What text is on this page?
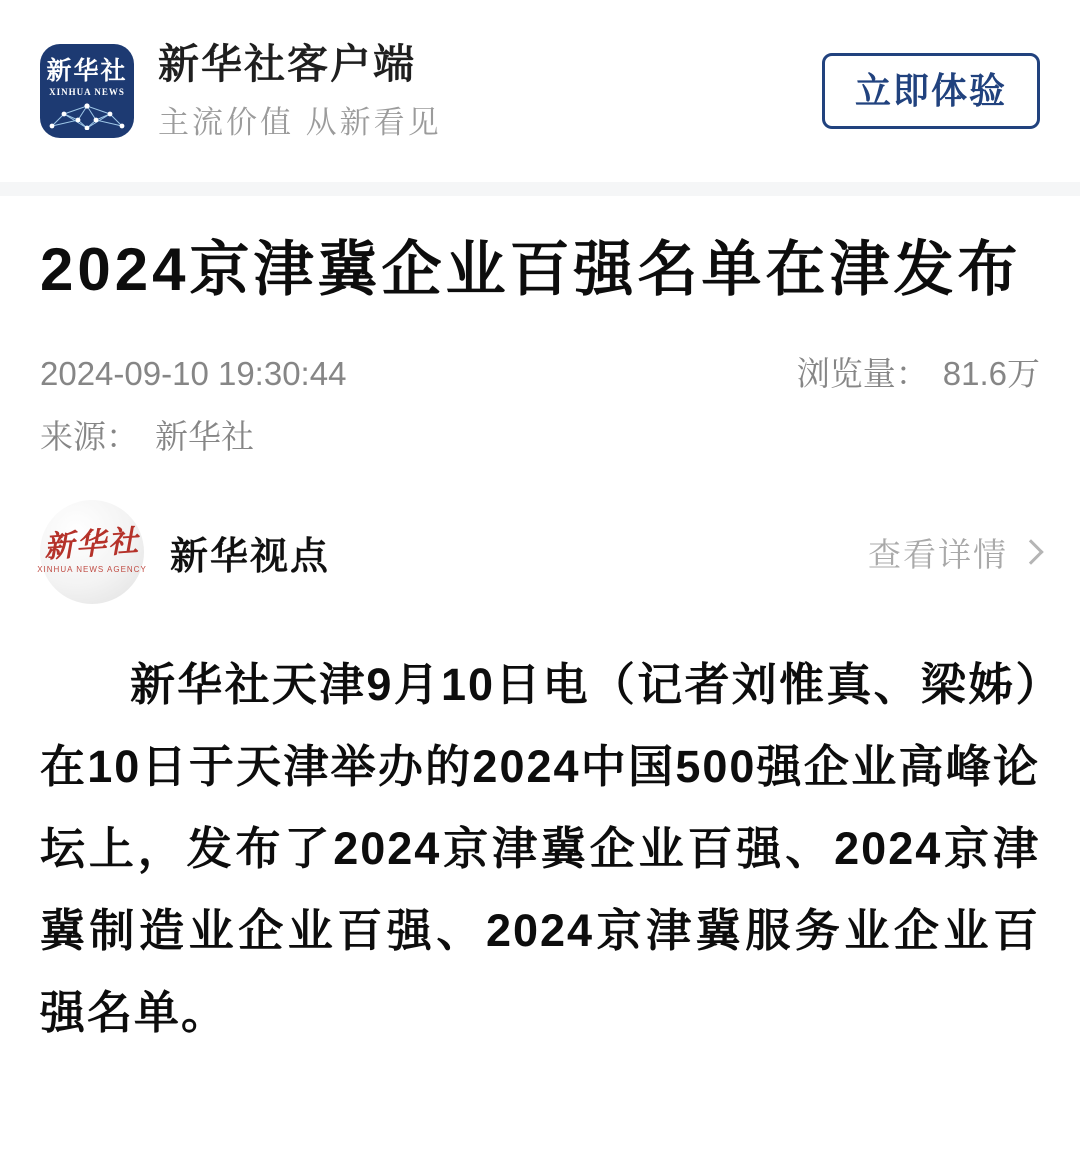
新华社
XINHUA NEWS
新华社客户端
主流价值 从新看见
立即体验
2024京津冀企业百强名单在津发布
2024-09-10 19:30:44	浏览量： 81.6万
来源： 新华社
新华社
XINHUA NEWS AGENCY 新华视点	查看详情

新华社天津9月10日电（记者刘惟真、梁姊）在10日于天津举办的2024中国500强企业高峰论坛上，发布了2024京津冀企业百强、2024京津冀制造业企业百强、2024京津冀服务业企业百强名单。
